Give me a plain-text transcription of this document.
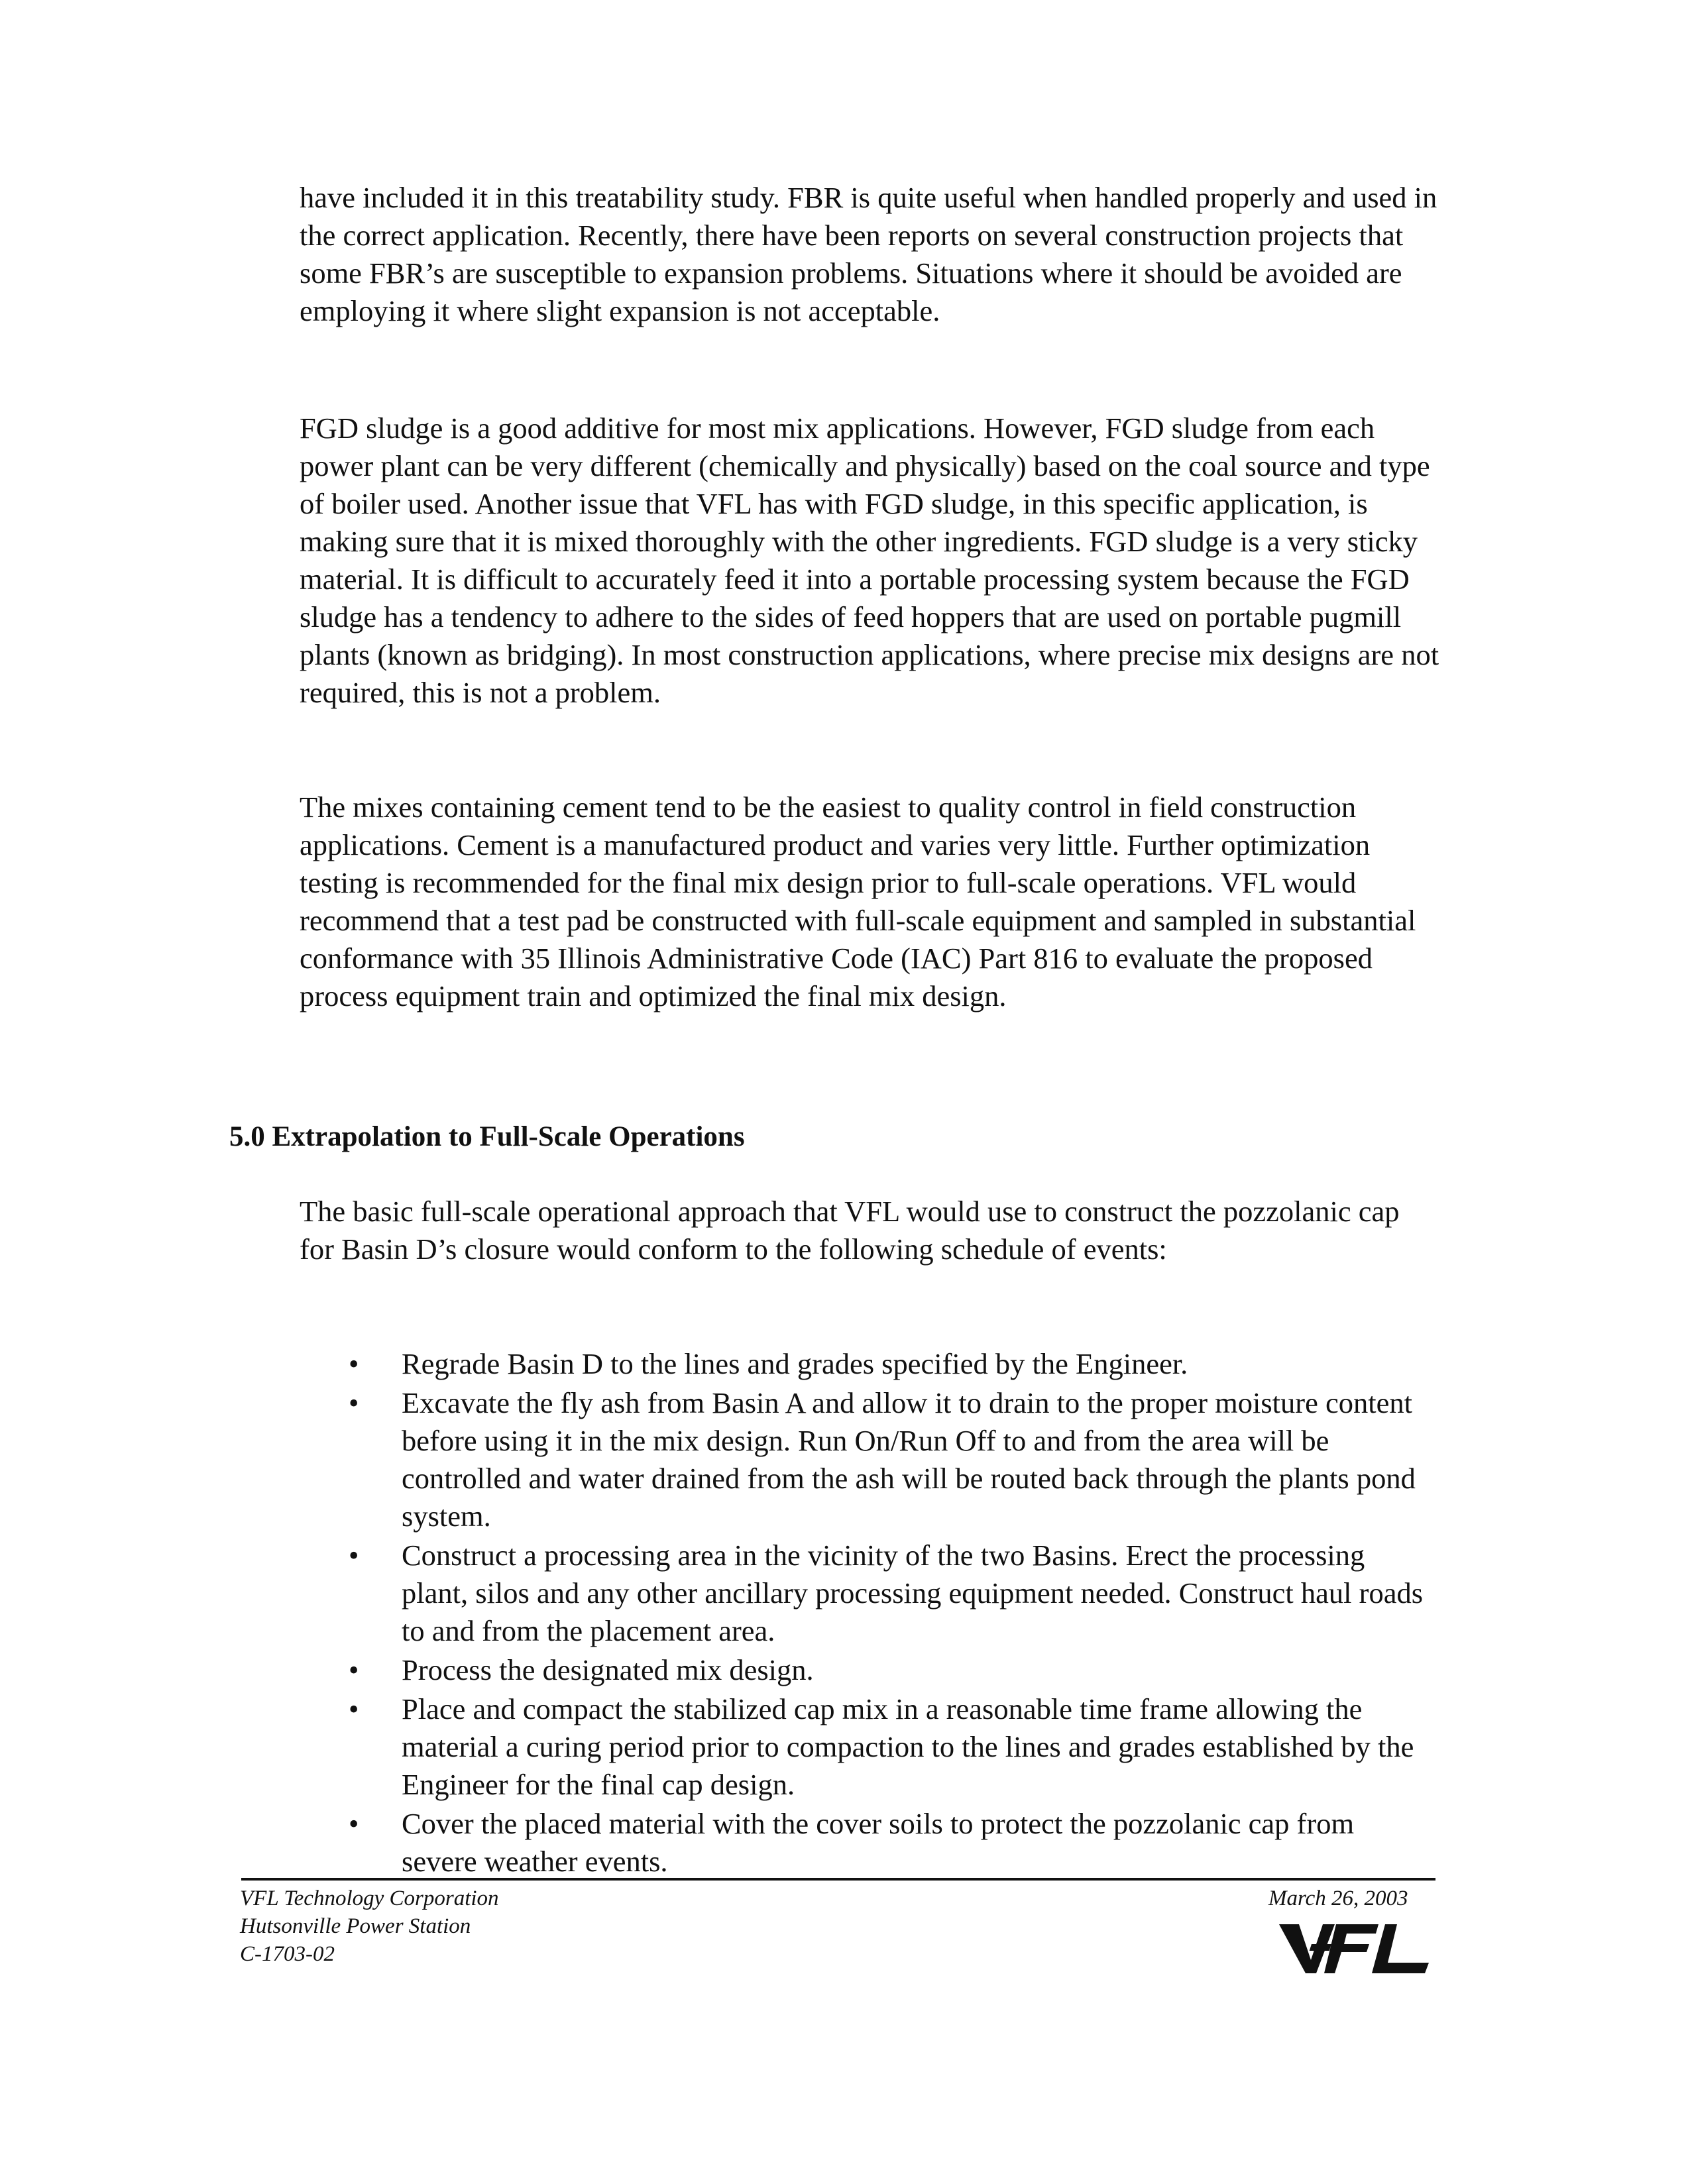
have included it in this treatability study. FBR is quite useful when handled properly and used in the correct application. Recently, there have been reports on several construction projects that some FBR’s are susceptible to expansion problems. Situations where it should be avoided are employing it where slight expansion is not acceptable.

FGD sludge is a good additive for most mix applications. However, FGD sludge from each power plant can be very different (chemically and physically) based on the coal source and type of boiler used. Another issue that VFL has with FGD sludge, in this specific application, is making sure that it is mixed thoroughly with the other ingredients. FGD sludge is a very sticky material. It is difficult to accurately feed it into a portable processing system because the FGD sludge has a tendency to adhere to the sides of feed hoppers that are used on portable pugmill plants (known as bridging). In most construction applications, where precise mix designs are not required, this is not a problem.

The mixes containing cement tend to be the easiest to quality control in field construction applications. Cement is a manufactured product and varies very little. Further optimization testing is recommended for the final mix design prior to full-scale operations. VFL would recommend that a test pad be constructed with full-scale equipment and sampled in substantial conformance with 35 Illinois Administrative Code (IAC) Part 816 to evaluate the proposed process equipment train and optimized the final mix design.

5.0 Extrapolation to Full-Scale Operations

The basic full-scale operational approach that VFL would use to construct the pozzolanic cap for Basin D’s closure would conform to the following schedule of events:

• Regrade Basin D to the lines and grades specified by the Engineer.
• Excavate the fly ash from Basin A and allow it to drain to the proper moisture content before using it in the mix design. Run On/Run Off to and from the area will be controlled and water drained from the ash will be routed back through the plants pond system.
• Construct a processing area in the vicinity of the two Basins. Erect the processing plant, silos and any other ancillary processing equipment needed. Construct haul roads to and from the placement area.
• Process the designated mix design.
• Place and compact the stabilized cap mix in a reasonable time frame allowing the material a curing period prior to compaction to the lines and grades established by the Engineer for the final cap design.
• Cover the placed material with the cover soils to protect the pozzolanic cap from severe weather events.
VFL Technology Corporation
Hutsonville Power Station
C-1703-02
March 26, 2003
